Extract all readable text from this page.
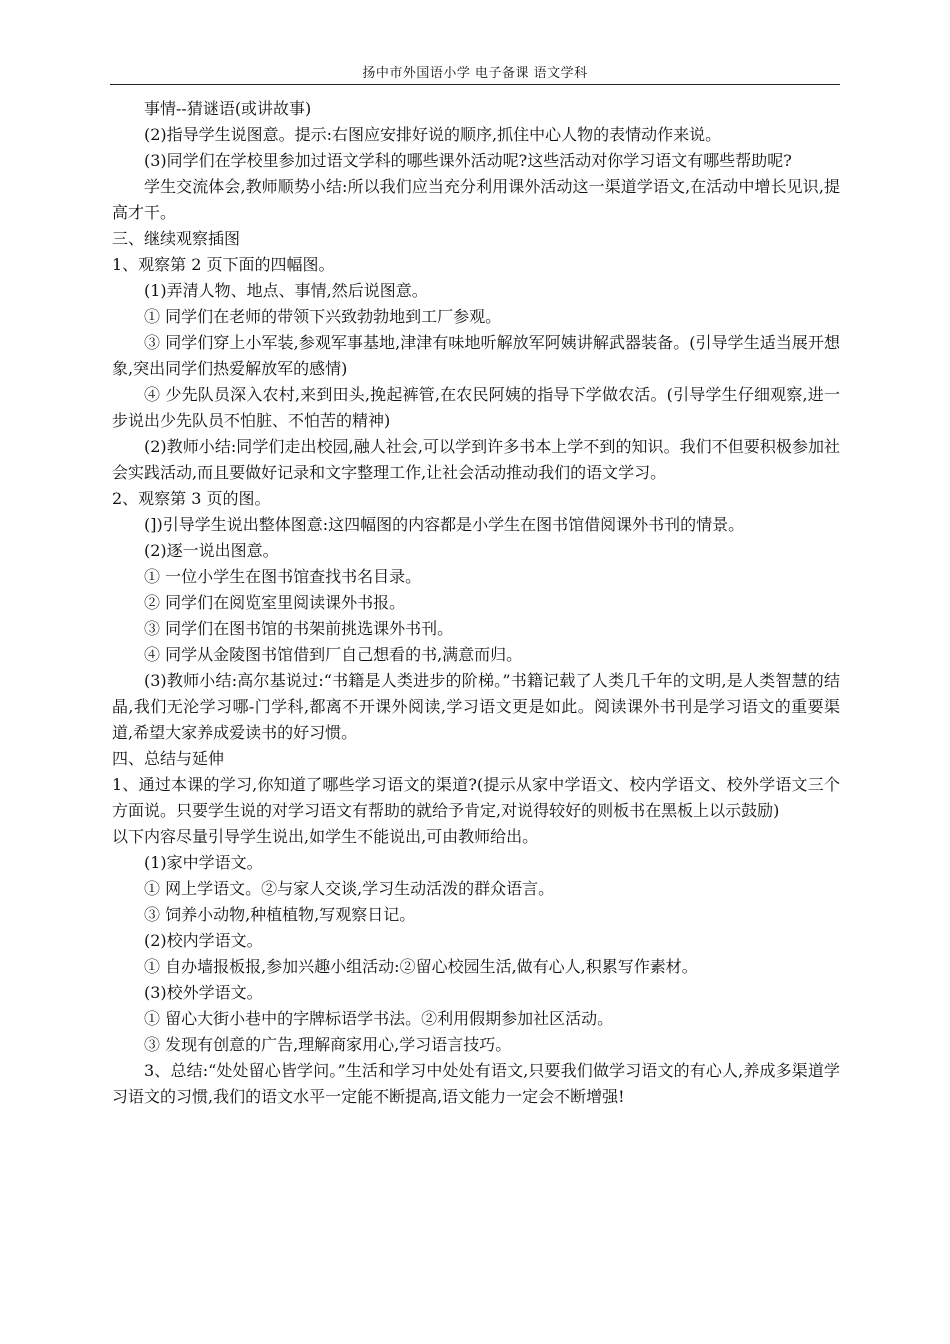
扬中市外国语小学 电子备课 语文学科

事情--猜谜语(或讲故事)

(2)指导学生说图意。提示:右图应安排好说的顺序,抓住中心人物的表情动作来说。

(3)同学们在学校里参加过语文学科的哪些课外活动呢?这些活动对你学习语文有哪些帮助呢?

学生交流体会,教师顺势小结:所以我们应当充分利用课外活动这一渠道学语文,在活动中增长见识,提高才干。

三、继续观察插图

1、观察第 2 页下面的四幅图。

(1)弄清人物、地点、事情,然后说图意。

① 同学们在老师的带领下兴致勃勃地到工厂参观。

③ 同学们穿上小军装,参观军事基地,津津有味地听解放军阿姨讲解武器装备。(引导学生适当展开想象,突出同学们热爱解放军的感情)

④ 少先队员深入农村,来到田头,挽起裤管,在农民阿姨的指导下学做农活。(引导学生仔细观察,进一步说出少先队员不怕脏、不怕苦的精神)

(2)教师小结:同学们走出校园,融人社会,可以学到许多书本上学不到的知识。我们不但要积极参加社会实践活动,而且要做好记录和文字整理工作,让社会活动推动我们的语文学习。

2、观察第 3 页的图。

(])引导学生说出整体图意:这四幅图的内容都是小学生在图书馆借阅课外书刊的情景。

(2)逐一说出图意。

① 一位小学生在图书馆查找书名目录。

② 同学们在阅览室里阅读课外书报。

③ 同学们在图书馆的书架前挑选课外书刊。

④ 同学从金陵图书馆借到厂自己想看的书,满意而归。

(3)教师小结:高尔基说过:“书籍是人类进步的阶梯。”书籍记载了人类几千年的文明,是人类智慧的结晶,我们无沦学习哪-门学科,都离不开课外阅读,学习语文更是如此。阅读课外书刊是学习语文的重要渠道,希望大家养成爱读书的好习惯。

四、总结与延伸

1、通过本课的学习,你知道了哪些学习语文的渠道?(提示从家中学语文、校内学语文、校外学语文三个方面说。只要学生说的对学习语文有帮助的就给予肯定,对说得较好的则板书在黑板上以示鼓励)

以下内容尽量引导学生说出,如学生不能说出,可由教师给出。

(1)家中学语文。

① 网上学语文。②与家人交谈,学习生动活泼的群众语言。

③ 饲养小动物,种植植物,写观察日记。

(2)校内学语文。

① 自办墙报板报,参加兴趣小组活动:②留心校园生活,做有心人,积累写作素材。

(3)校外学语文。

① 留心大街小巷中的字牌标语学书法。②利用假期参加社区活动。

③ 发现有创意的广告,理解商家用心,学习语言技巧。

3、总结:“处处留心皆学问。”生活和学习中处处有语文,只要我们做学习语文的有心人,养成多渠道学习语文的习惯,我们的语文水平一定能不断提高,语文能力一定会不断增强!
